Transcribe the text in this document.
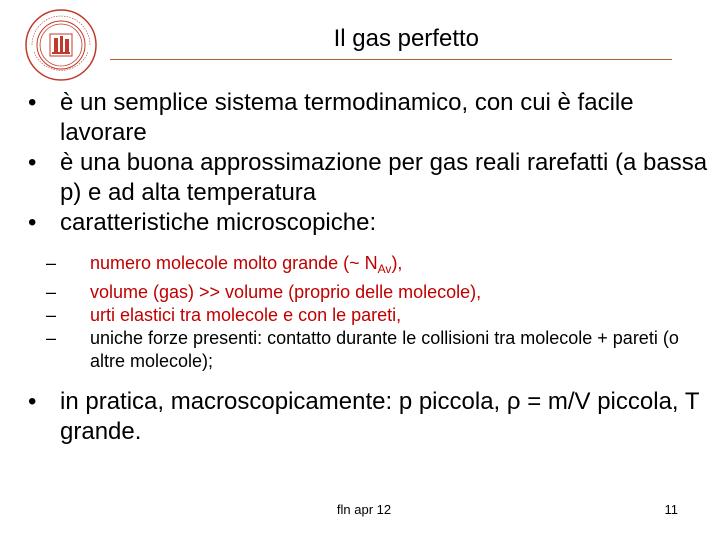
Il gas perfetto

• è un semplice sistema termodinamico, con cui è facile lavorare

• è una buona approssimazione per gas reali rarefatti (a bassa p) e ad alta temperatura

• caratteristiche microscopiche:

– numero molecole molto grande (~ $N_{Av}$),

– volume (gas) >> volume (proprio delle molecole),

– urti elastici tra molecole e con le pareti,

– uniche forze presenti: contatto durante le collisioni tra molecole + pareti (o altre molecole);

• in pratica, macroscopicamente: p piccola, ρ = m/V piccola, T grande.

fln apr 12	11
